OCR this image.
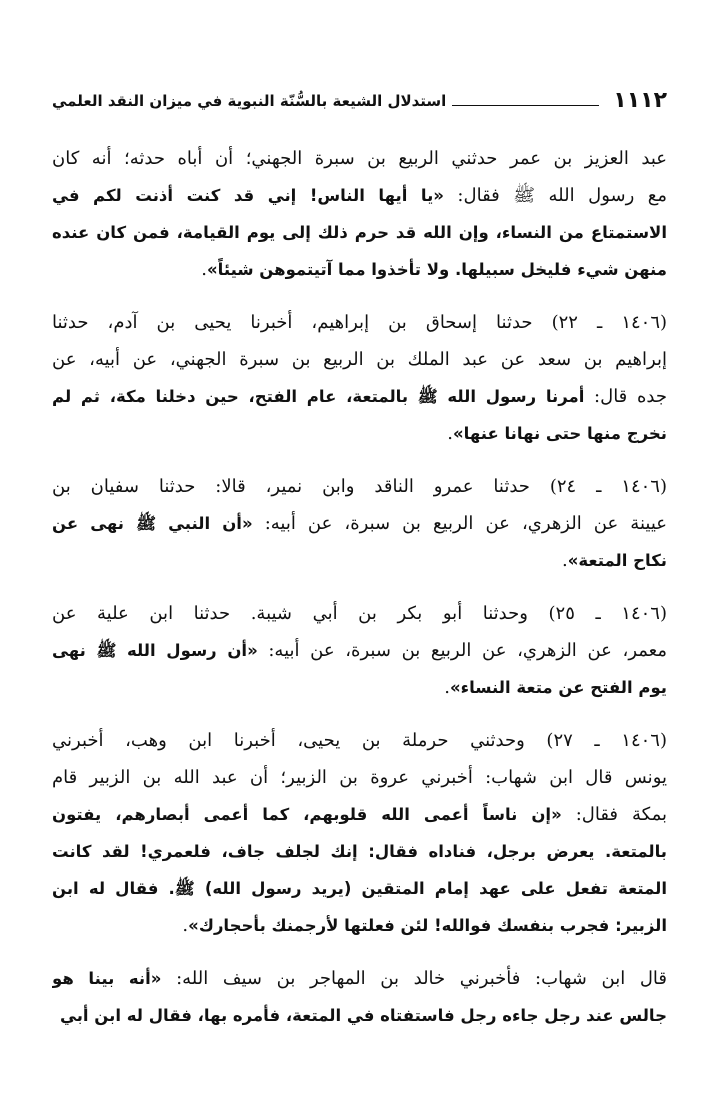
١١١٢
استدلال الشيعة بالسُّنّة النبوية في ميزان النقد العلمي
عبد العزيز بن عمر حدثني الربيع بن سبرة الجهني؛ أن أباه حدثه؛ أنه كان
مع رسول الله ﷺ فقال: «يا أيها الناس! إني قد كنت أذنت لكم في
الاستمتاع من النساء، وإن الله قد حرم ذلك إلى يوم القيامة، فمن كان عنده
منهن شيء فليخل سبيلها. ولا تأخذوا مما آتيتموهن شيئاً».
(١٤٠٦ ـ ٢٢) حدثنا إسحاق بن إبراهيم، أخبرنا يحيى بن آدم، حدثنا
إبراهيم بن سعد عن عبد الملك بن الربيع بن سبرة الجهني، عن أبيه، عن
جده قال: أمرنا رسول الله ﷺ بالمتعة، عام الفتح، حين دخلنا مكة، ثم لم
نخرج منها حتى نهانا عنها».
(١٤٠٦ ـ ٢٤) حدثنا عمرو الناقد وابن نمير، قالا: حدثنا سفيان بن
عيينة عن الزهري، عن الربيع بن سبرة، عن أبيه: «أن النبي ﷺ نهى عن
نكاح المتعة».
(١٤٠٦ ـ ٢٥) وحدثنا أبو بكر بن أبي شيبة. حدثنا ابن علية عن
معمر، عن الزهري، عن الربيع بن سبرة، عن أبيه: «أن رسول الله ﷺ نهى
يوم الفتح عن متعة النساء».
(١٤٠٦ ـ ٢٧) وحدثني حرملة بن يحيى، أخبرنا ابن وهب، أخبرني
يونس قال ابن شهاب: أخبرني عروة بن الزبير؛ أن عبد الله بن الزبير قام
بمكة فقال: «إن ناساً أعمى الله قلوبهم، كما أعمى أبصارهم، يفتون
بالمتعة. يعرض برجل، فناداه فقال: إنك لجلف جاف، فلعمري! لقد كانت
المتعة تفعل على عهد إمام المتقين (يريد رسول الله) ﷺ. فقال له ابن
الزبير: فجرب بنفسك فوالله! لئن فعلتها لأرجمنك بأحجارك».
قال ابن شهاب: فأخبرني خالد بن المهاجر بن سيف الله: «أنه بينا هو
جالس عند رجل جاءه رجل فاستفتاه في المتعة، فأمره بها، فقال له ابن أبي
